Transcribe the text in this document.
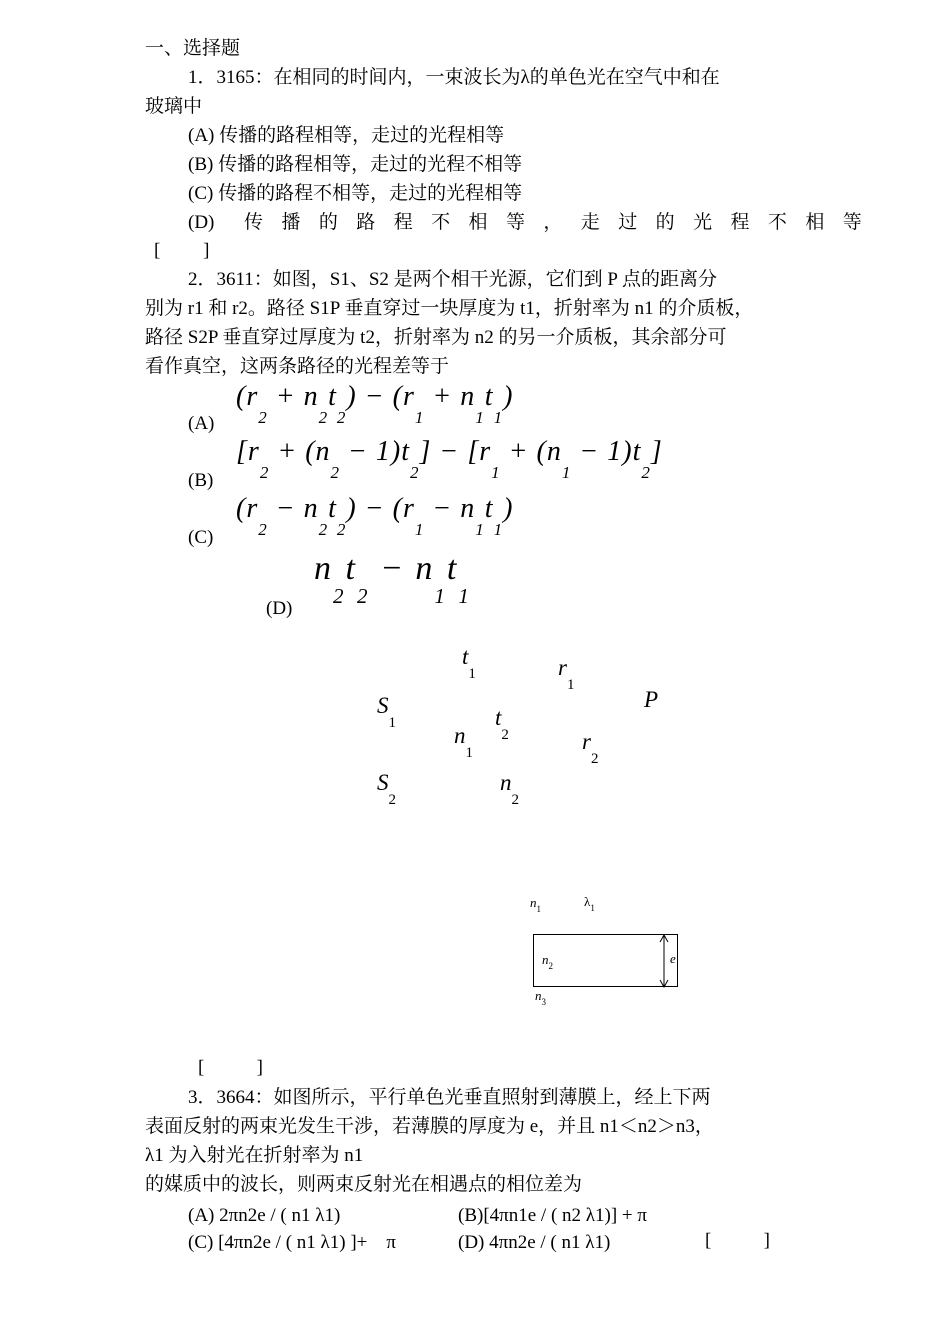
一、选择题
1．3165：在相同的时间内，一束波长为λ的单色光在空气中和在
玻璃中
(A) 传播的路程相等，走过的光程相等
(B) 传播的路程相等，走过的光程不相等
(C) 传播的路程不相等，走过的光程相等
(D) 传 播 的 路 程 不 相 等 ， 走 过 的 光 程 不 相 等
[         ]
2．3611：如图，S1、S2 是两个相干光源，它们到 P 点的距离分
别为 r1 和 r2。路径 S1P 垂直穿过一块厚度为 t1，折射率为 n1 的介质板，
路径 S2P 垂直穿过厚度为 t2，折射率为 n2 的另一介质板，其余部分可
看作真空，这两条路径的光程差等于
(A)
$(r_2 + n_2t_2) - (r_1 + n_1t_1)$
(B)
$[r_2 + (n_2 - 1)t_2] - [r_1 + (n_1 - 1)t_2]$
(C)
$(r_2 - n_2t_2) - (r_1 - n_1t_1)$
(D)
$n_2t_2 - n_1t_1$
$t_1$	$r_1$
P
$S_1$	$t_2$
$n_1$	$r_2$
$S_2$
$n_2$
$n_1$	$\lambda_1$
$n_2$	e
$n_3$
[           ]
3．3664：如图所示，平行单色光垂直照射到薄膜上，经上下两
表面反射的两束光发生干涉，若薄膜的厚度为 e，并且 n1＜n2＞n3，
λ1 为入射光在折射率为 n1
的媒质中的波长，则两束反射光在相遇点的相位差为
(A) 2πn2e / ( n1 λ1)	(B)[4πn1e / ( n2 λ1)] + π
(C) [4πn2e / ( n1 λ1) ]+    π	(D) 4πn2e / ( n1 λ1)	[           ]
